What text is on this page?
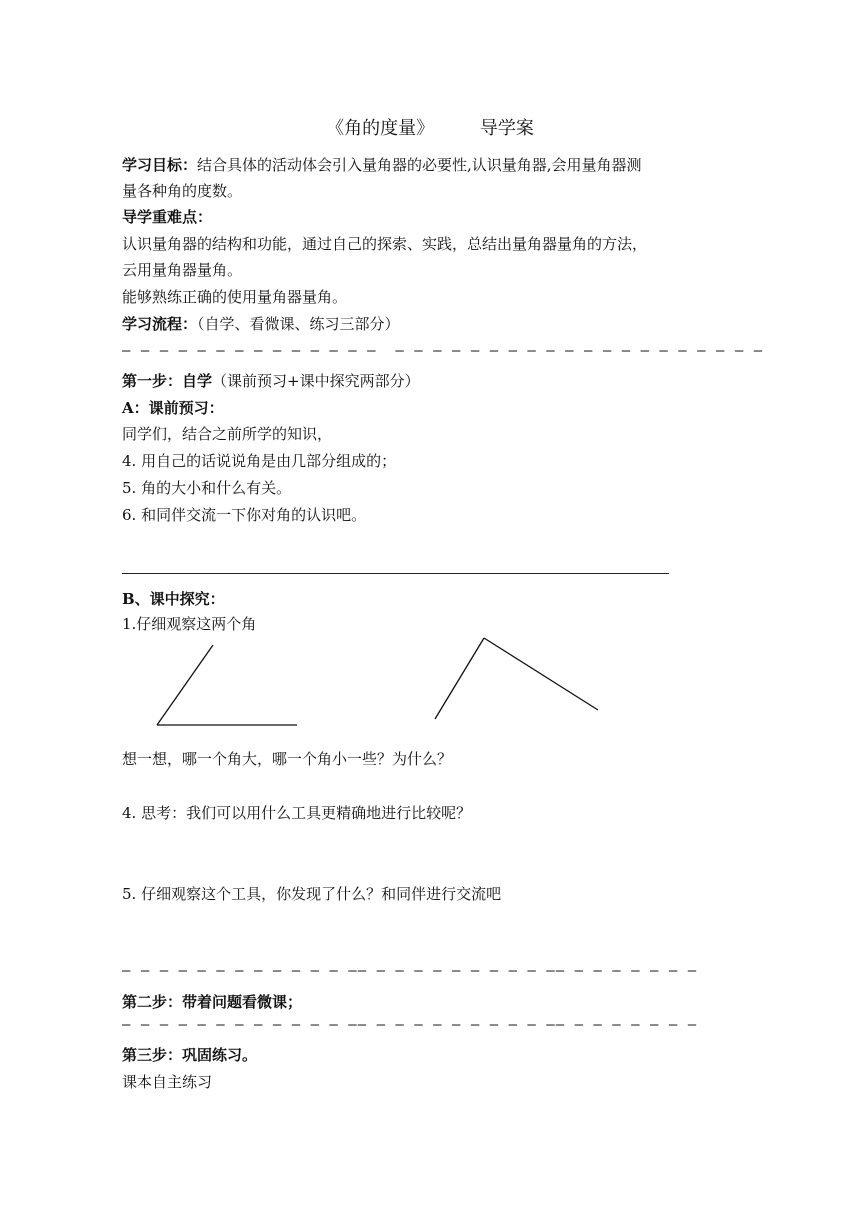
《角的度量》        导学案
学习目标：结合具体的活动体会引入量角器的必要性,认识量角器,会用量角器测
量各种角的度数。
导学重难点：
认识量角器的结构和功能，通过自己的探索、实践，总结出量角器量角的方法，
云用量角器量角。
能够熟练正确的使用量角器量角。
学习流程：（自学、看微课、练习三部分）
– – – – – – – – – – – – – –  – – – – – – – – – – – – – – – – – – – –
第一步：自学（课前预习+课中探究两部分）
A：课前预习：
同学们，结合之前所学的知识，
4. 用自己的话说说角是由几部分组成的；
5. 角的大小和什么有关。
6. 和同伴交流一下你对角的认识吧。
B、课中探究：
1.仔细观察这两个角
想一想，哪一个角大，哪一个角小一些？为什么？
4. 思考：我们可以用什么工具更精确地进行比较呢？
5. 仔细观察这个工具，你发现了什么？和同伴进行交流吧
– – – – – – – – – – – – –– – – – – – – – – – –– – – – – – – –
第二步：带着问题看微课；
– – – – – – – – – – – – –– – – – – – – – – – –– – – – – – – –
第三步：巩固练习。
课本自主练习
